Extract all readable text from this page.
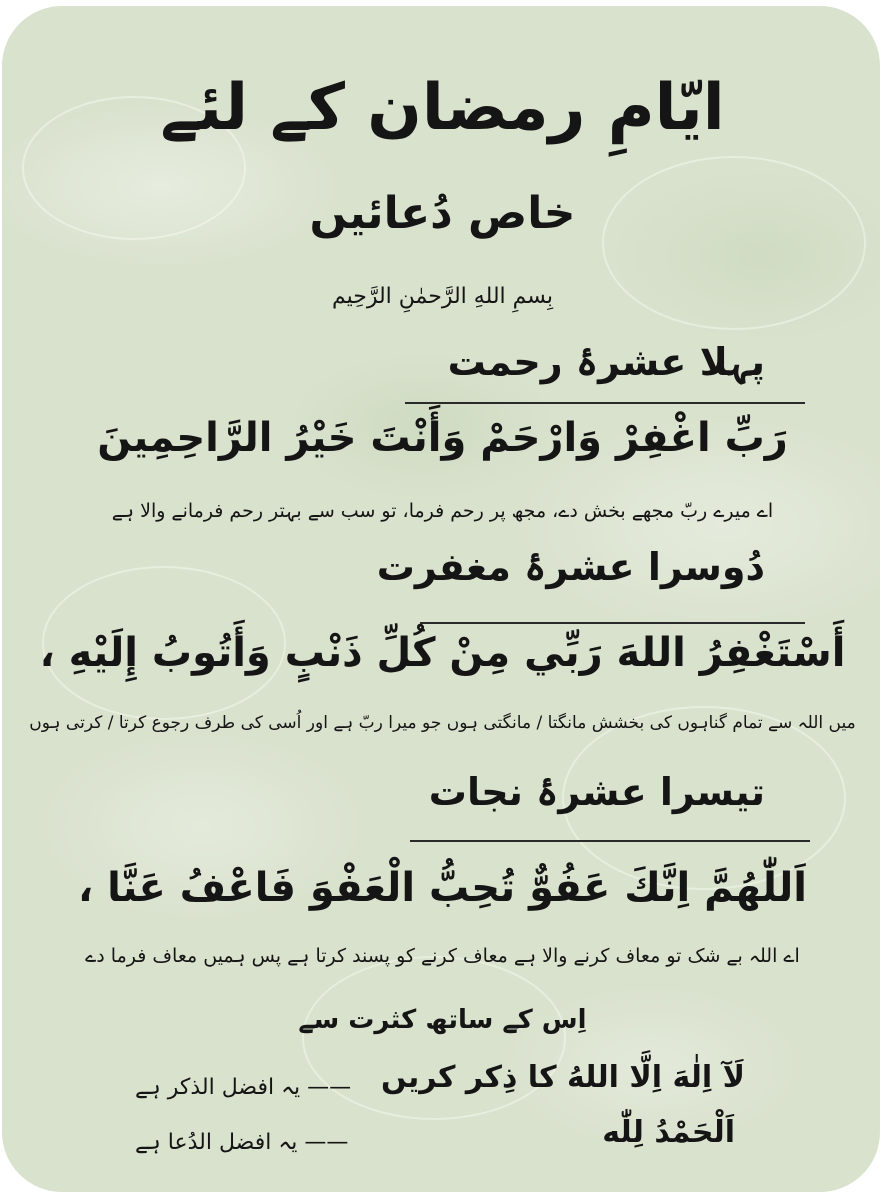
ایّامِ رمضان کے لئے
خاص دُعائیں
بِسمِ اللهِ الرَّحمٰنِ الرَّحِيم
پہلا عشرۂ رحمت
رَبِّ اغْفِرْ وَارْحَمْ وَأَنْتَ خَيْرُ الرَّاحِمِينَ
اے میرے ربّ مجھے بخش دے، مجھ پر رحم فرما، تو سب سے بہتر رحم فرمانے والا ہے
دُوسرا عشرۂ مغفرت
أَسْتَغْفِرُ اللهَ رَبِّي مِنْ كُلِّ ذَنْبٍ وَأَتُوبُ إِلَيْهِ ،
میں اللہ سے تمام گناہوں کی بخشش مانگتا / مانگتی ہوں جو میرا ربّ ہے اور اُسی کی طرف رجوع کرتا / کرتی ہوں
تیسرا عشرۂ نجات
اَللّٰهُمَّ اِنَّكَ عَفُوٌّ تُحِبُّ الْعَفْوَ فَاعْفُ عَنَّا ،
اے اللہ بے شک تو معاف کرنے والا ہے معاف کرنے کو پسند کرتا ہے پس ہمیں معاف فرما دے
اِس کے ساتھ کثرت سے
لَآ اِلٰهَ اِلَّا اللهُ کا ذِکر کریں
—— یہ افضل الذکر ہے
اَلْحَمْدُ لِلّٰه
—— یہ افضل الدُعا ہے
